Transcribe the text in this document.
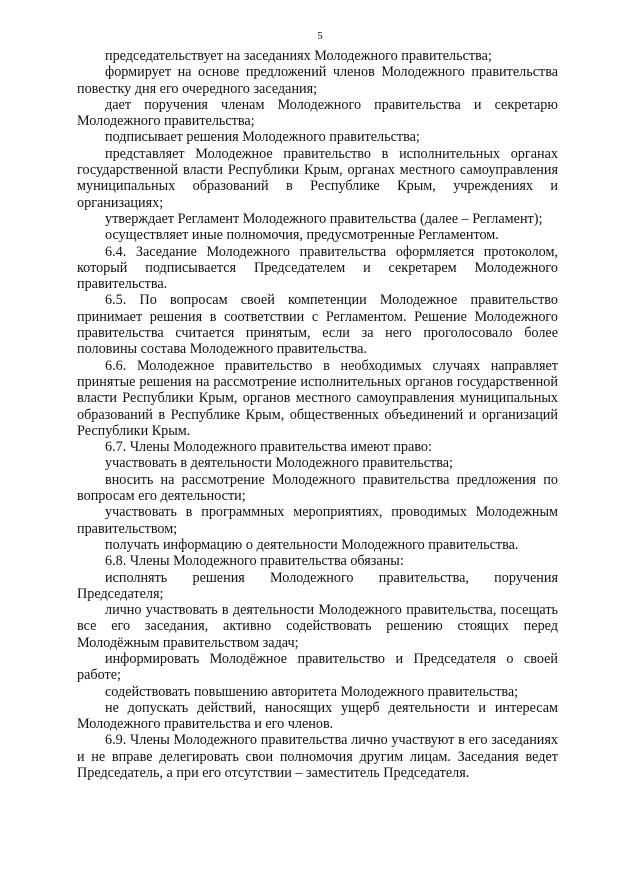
5

председательствует на заседаниях Молодежного правительства;

формирует на основе предложений членов Молодежного правительства повестку дня его очередного заседания;

дает поручения членам Молодежного правительства и секретарю Молодежного правительства;

подписывает решения Молодежного правительства;

представляет Молодежное правительство в исполнительных органах государственной власти Республики Крым, органах местного самоуправления муниципальных образований в Республике Крым, учреждениях и организациях;

утверждает Регламент Молодежного правительства (далее – Регламент);

осуществляет иные полномочия, предусмотренные Регламентом.

6.4. Заседание Молодежного правительства оформляется протоколом, который подписывается Председателем и секретарем Молодежного правительства.

6.5. По вопросам своей компетенции Молодежное правительство принимает решения в соответствии с Регламентом. Решение Молодежного правительства считается принятым, если за него проголосовало более половины состава Молодежного правительства.

6.6. Молодежное правительство в необходимых случаях направляет принятые решения на рассмотрение исполнительных органов государственной власти Республики Крым, органов местного самоуправления муниципальных образований в Республике Крым, общественных объединений и организаций Республики Крым.

6.7. Члены Молодежного правительства имеют право:

участвовать в деятельности Молодежного правительства;

вносить на рассмотрение Молодежного правительства предложения по вопросам его деятельности;

участвовать в программных мероприятиях, проводимых Молодежным правительством;

получать информацию о деятельности Молодежного правительства.

6.8. Члены Молодежного правительства обязаны:

исполнять решения Молодежного правительства, поручения Председателя;

лично участвовать в деятельности Молодежного правительства, посещать все его заседания, активно содействовать решению стоящих перед Молодёжным правительством задач;

информировать Молодёжное правительство и Председателя о своей работе;

содействовать повышению авторитета Молодежного правительства;

не допускать действий, наносящих ущерб деятельности и интересам Молодежного правительства и его членов.

6.9. Члены Молодежного правительства лично участвуют в его заседаниях и не вправе делегировать свои полномочия другим лицам. Заседания ведет Председатель, а при его отсутствии – заместитель Председателя.
